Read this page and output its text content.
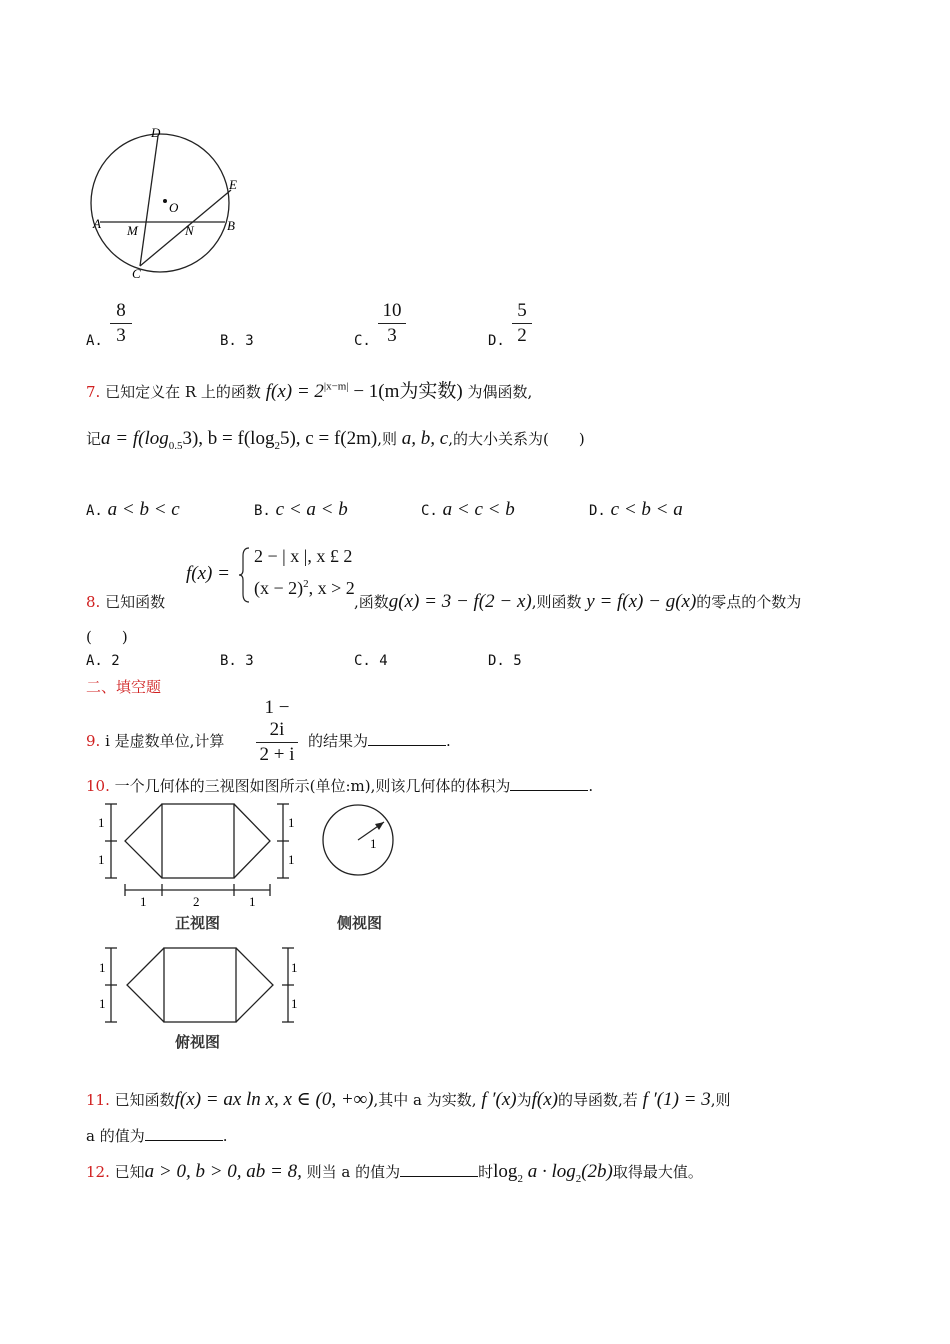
D
E
A	B
O
M	N
C
A.
8
3	B. 3	C.
10
3	D.
5
2
7. 已知定义在 R 上的函数 $f(x) = 2^{|x-m|} - 1(m$为实数) 为偶函数,
记$a = f(\log_{0.5}3)$, $b = f(\log_25)$, c = f(2m),则 a, b, c,的大小关系为(　　)
A. a < b < c	B. c < a < b	C. a < c < b	D. c < b < a
8. 已知函数
f(x) =
2 − | x |, x £ 2
$(x - 2)^2$, x > 2
,函数g(x) = 3 − f(2 − x),则函数 y = f(x) − g(x)的零点的个数为
(　　)
A. 2	B. 3	C. 4	D. 5
二、填空题
9. i 是虚数单位,计算
1 − 2i
2 + i
的结果为	.
10. 一个几何体的三视图如图所示(单位:m),则该几何体的体积为	.
1
1
1
1
1	2	1
正视图
1
侧视图
1
1
1
1
俯视图
11. 已知函数f(x) = ax ln x, x ∈ (0, +∞),其中 a 为实数, f ′(x)为f(x)的导函数,若 f ′(1) = 3,则
a 的值为	.
12. 已知a > 0, b > 0, ab = 8, 则当 a 的值为	时$\log_2 a \cdot \log_2(2b)$取得最大值。
